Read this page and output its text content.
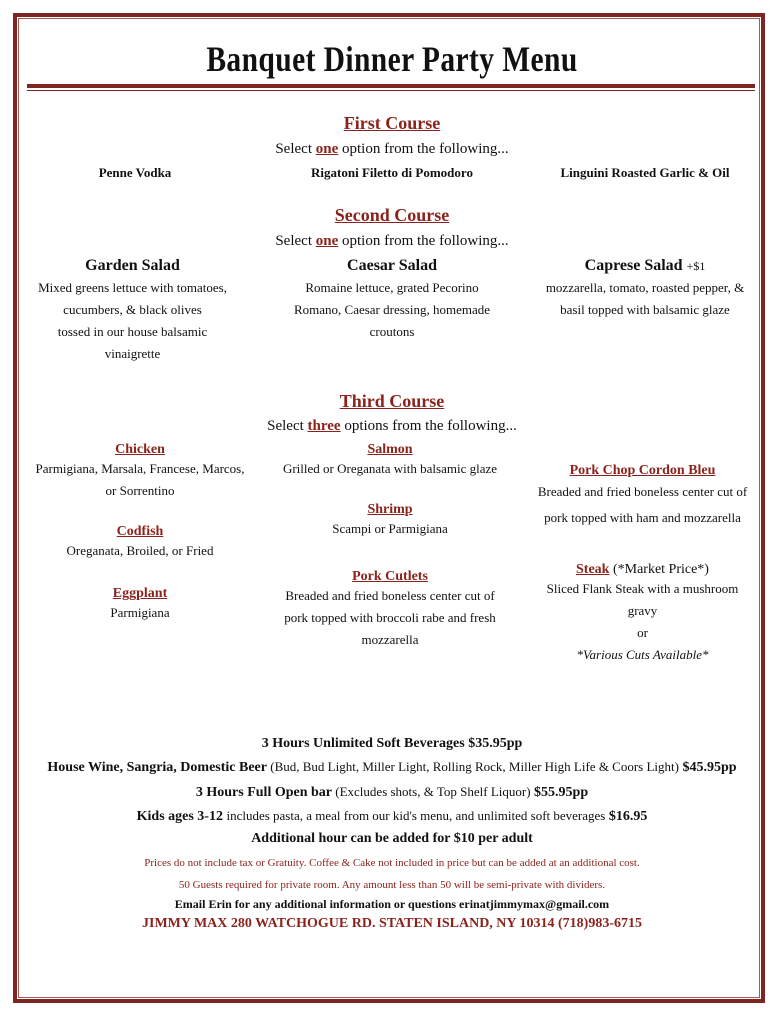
Banquet Dinner Party Menu
First Course
Select one option from the following...
Penne Vodka	Rigatoni Filetto di Pomodoro	Linguini Roasted Garlic & Oil
Second Course
Select one option from the following...
Garden Salad
Mixed greens lettuce with tomatoes,
cucumbers, & black olives
tossed in our house balsamic
vinaigrette
Caesar Salad
Romaine lettuce, grated Pecorino
Romano, Caesar dressing, homemade
croutons
Caprese Salad +$1
mozzarella, tomato, roasted pepper, &
basil topped with balsamic glaze
Third Course
Select three options from the following...
Chicken
Parmigiana, Marsala, Francese, Marcos,
or Sorrentino
Codfish
Oreganata, Broiled, or Fried
Eggplant
Parmigiana
Salmon
Grilled or Oreganata with balsamic glaze
Shrimp
Scampi or Parmigiana
Pork Cutlets
Breaded and fried boneless center cut of
pork topped with broccoli rabe and fresh
mozzarella
Pork Chop Cordon Bleu
Breaded and fried boneless center cut of
pork topped with ham and mozzarella
Steak (*Market Price*)
Sliced Flank Steak with a mushroom
gravy
or
*Various Cuts Available*
3 Hours Unlimited Soft Beverages $35.95pp
House Wine, Sangria, Domestic Beer (Bud, Bud Light, Miller Light, Rolling Rock, Miller High Life & Coors Light) $45.95pp
3 Hours Full Open bar (Excludes shots, & Top Shelf Liquor) $55.95pp
Kids ages 3-12 includes pasta, a meal from our kid's menu, and unlimited soft beverages $16.95
Additional hour can be added for $10 per adult
Prices do not include tax or Gratuity. Coffee & Cake not included in price but can be added at an additional cost.
50 Guests required for private room. Any amount less than 50 will be semi-private with dividers.
Email Erin for any additional information or questions erinatjimmymax@gmail.com
JIMMY MAX 280 WATCHOGUE RD. STATEN ISLAND, NY 10314 (718)983-6715
